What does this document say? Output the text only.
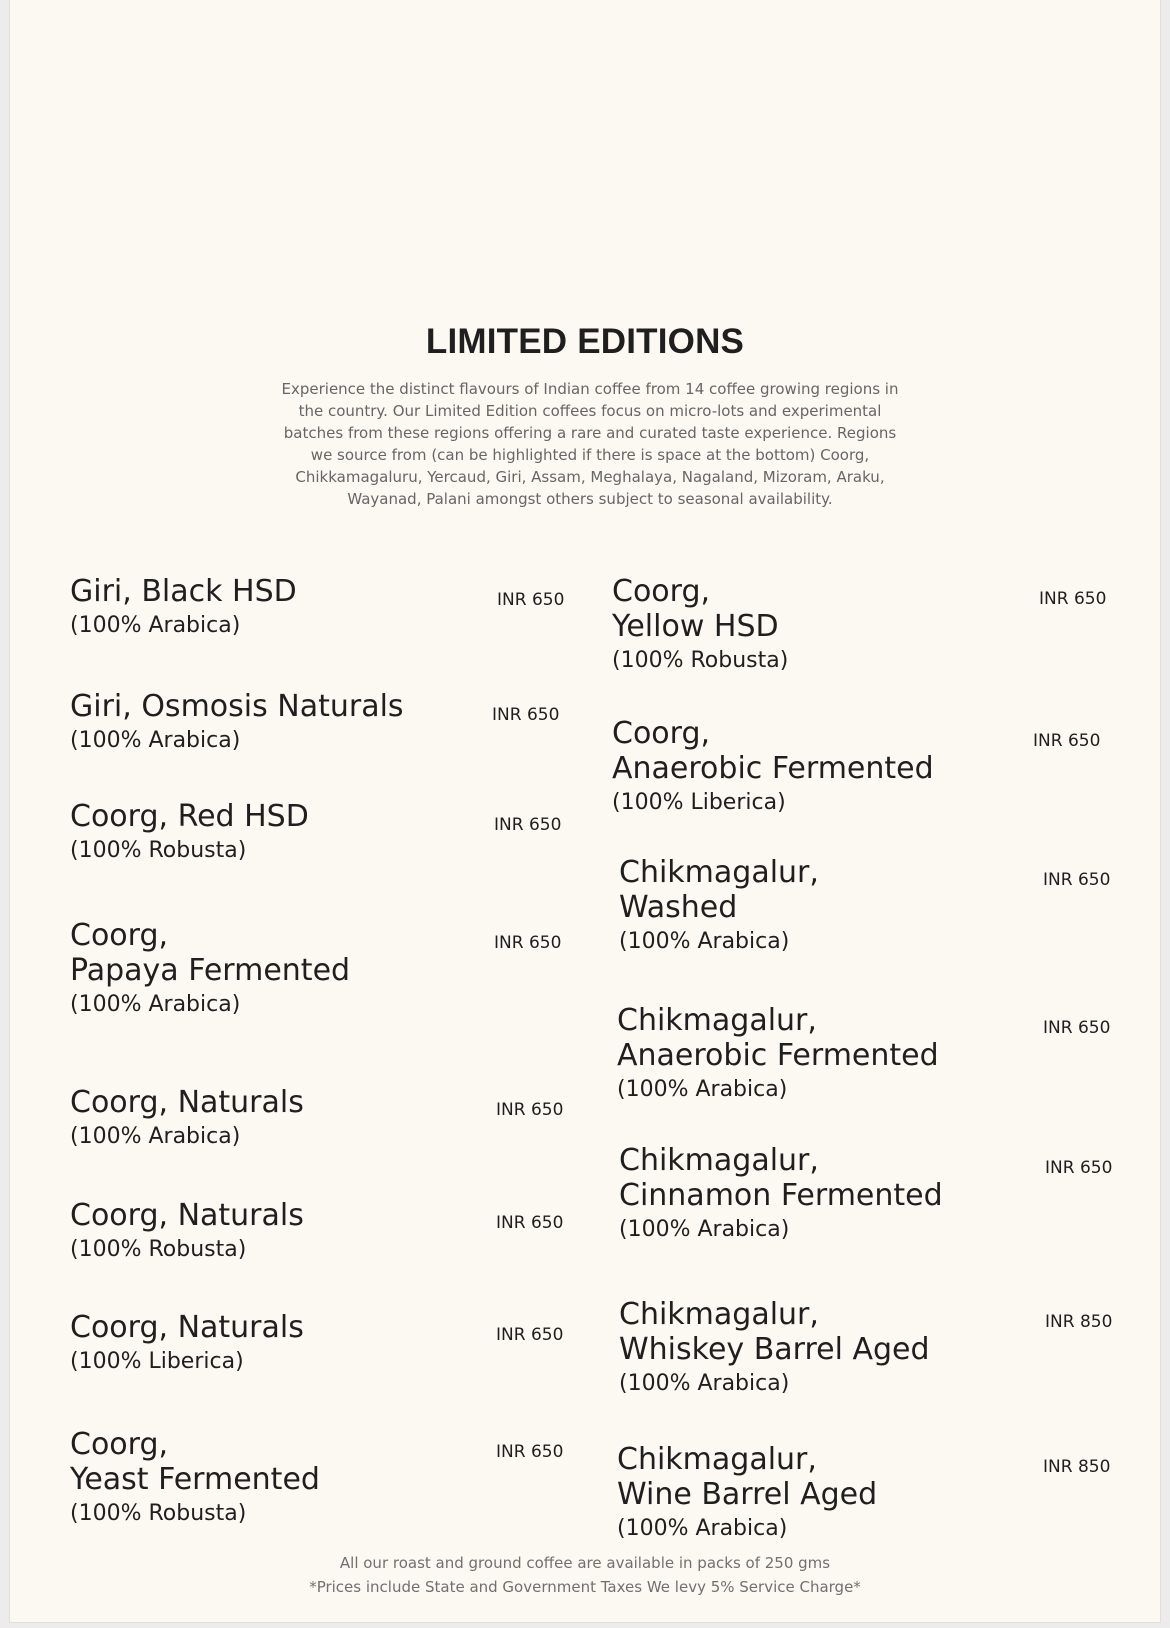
LIMITED EDITIONS
Experience the distinct flavours of Indian coffee from 14 coffee growing regions in
the country. Our Limited Edition coffees focus on micro-lots and experimental
batches from these regions offering a rare and curated taste experience. Regions
we source from (can be highlighted if there is space at the bottom) Coorg,
Chikkamagaluru, Yercaud, Giri, Assam, Meghalaya, Nagaland, Mizoram, Araku,
Wayanad, Palani amongst others subject to seasonal availability.
Giri, Black HSD
(100% Arabica)
INR 650
Giri, Osmosis Naturals
(100% Arabica)
INR 650
Coorg, Red HSD
(100% Robusta)
INR 650
Coorg,
Papaya Fermented
(100% Arabica)
INR 650
Coorg, Naturals
(100% Arabica)
INR 650
Coorg, Naturals
(100% Robusta)
INR 650
Coorg, Naturals
(100% Liberica)
INR 650
Coorg,
Yeast Fermented
(100% Robusta)
INR 650
Coorg,
Yellow HSD
(100% Robusta)
INR 650
Coorg,
Anaerobic Fermented
(100% Liberica)
INR 650
Chikmagalur,
Washed
(100% Arabica)
INR 650
Chikmagalur,
Anaerobic Fermented
(100% Arabica)
INR 650
Chikmagalur,
Cinnamon Fermented
(100% Arabica)
INR 650
Chikmagalur,
Whiskey Barrel Aged
(100% Arabica)
INR 850
Chikmagalur,
Wine Barrel Aged
(100% Arabica)
INR 850
All our roast and ground coffee are available in packs of 250 gms
*Prices include State and Government Taxes We levy 5% Service Charge*
